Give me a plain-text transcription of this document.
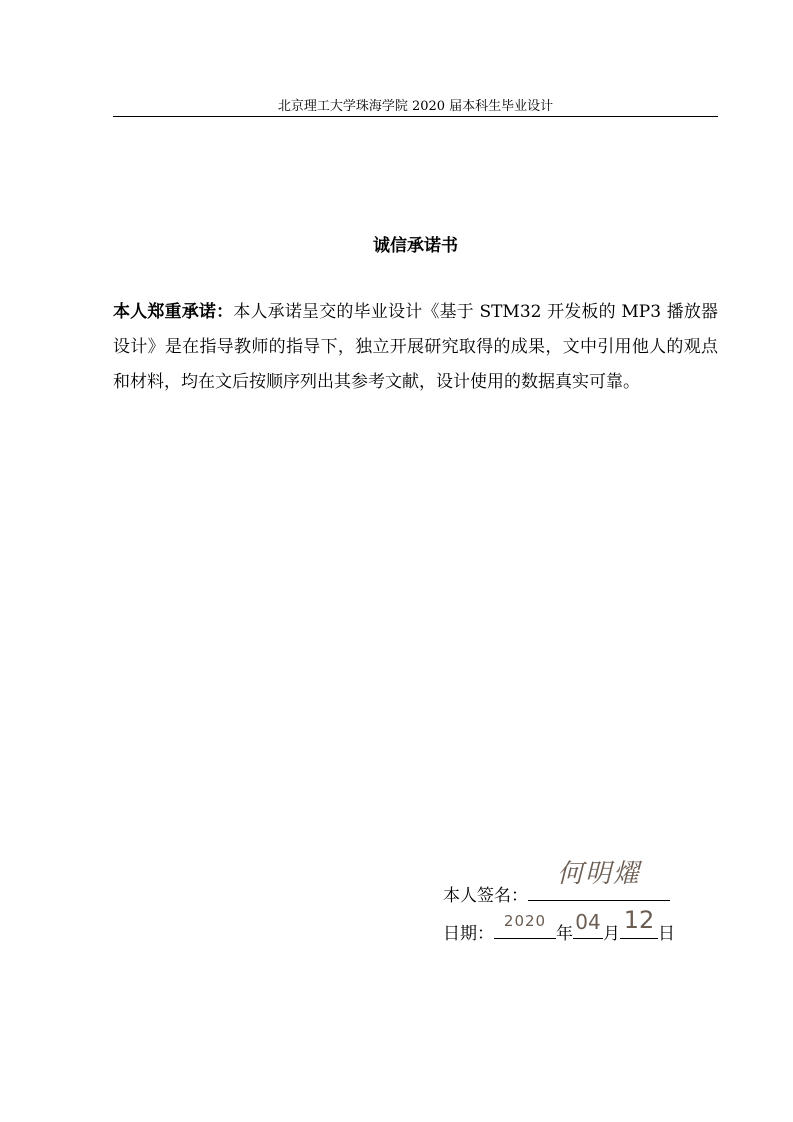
北京理工大学珠海学院 2020 届本科生毕业设计
诚信承诺书
本人郑重承诺：本人承诺呈交的毕业设计《基于 STM32 开发板的 MP3 播放器设计》是在指导教师的指导下，独立开展研究取得的成果，文中引用他人的观点和材料，均在文后按顺序列出其参考文献，设计使用的数据真实可靠。
本人签名：
何明燿
日期：
2020
年 04 月 12 日
